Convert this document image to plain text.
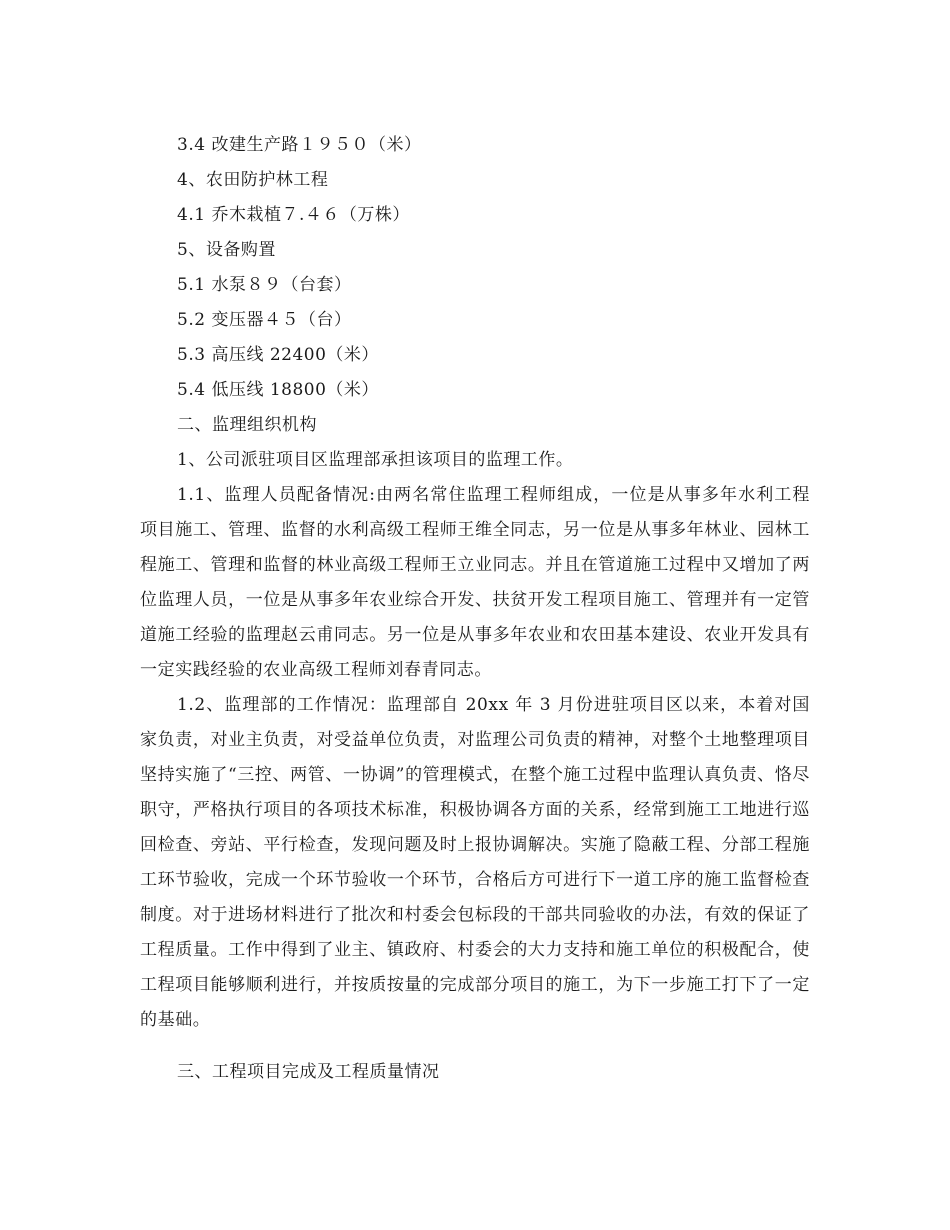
3.4 改建生产路１９５０（米）
4、农田防护林工程
4.1 乔木栽植７.４６（万株）
5、设备购置
5.1 水泵８９（台套）
5.2 变压器４５（台）
5.3 高压线 22400（米）
5.4 低压线 18800（米）
二、监理组织机构
1、公司派驻项目区监理部承担该项目的监理工作。
1.1、监理人员配备情况:由两名常住监理工程师组成，一位是从事多年水利工程项目施工、管理、监督的水利高级工程师王维全同志，另一位是从事多年林业、园林工程施工、管理和监督的林业高级工程师王立业同志。并且在管道施工过程中又增加了两位监理人员，一位是从事多年农业综合开发、扶贫开发工程项目施工、管理并有一定管道施工经验的监理赵云甫同志。另一位是从事多年农业和农田基本建设、农业开发具有一定实践经验的农业高级工程师刘春青同志。
1.2、监理部的工作情况：监理部自 20xx 年 3 月份进驻项目区以来，本着对国家负责，对业主负责，对受益单位负责，对监理公司负责的精神，对整个土地整理项目坚持实施了“三控、两管、一协调”的管理模式，在整个施工过程中监理认真负责、恪尽职守，严格执行项目的各项技术标准，积极协调各方面的关系，经常到施工工地进行巡回检查、旁站、平行检查，发现问题及时上报协调解决。实施了隐蔽工程、分部工程施工环节验收，完成一个环节验收一个环节，合格后方可进行下一道工序的施工监督检查制度。对于进场材料进行了批次和村委会包标段的干部共同验收的办法，有效的保证了工程质量。工作中得到了业主、镇政府、村委会的大力支持和施工单位的积极配合，使工程项目能够顺利进行，并按质按量的完成部分项目的施工，为下一步施工打下了一定的基础。
三、工程项目完成及工程质量情况
